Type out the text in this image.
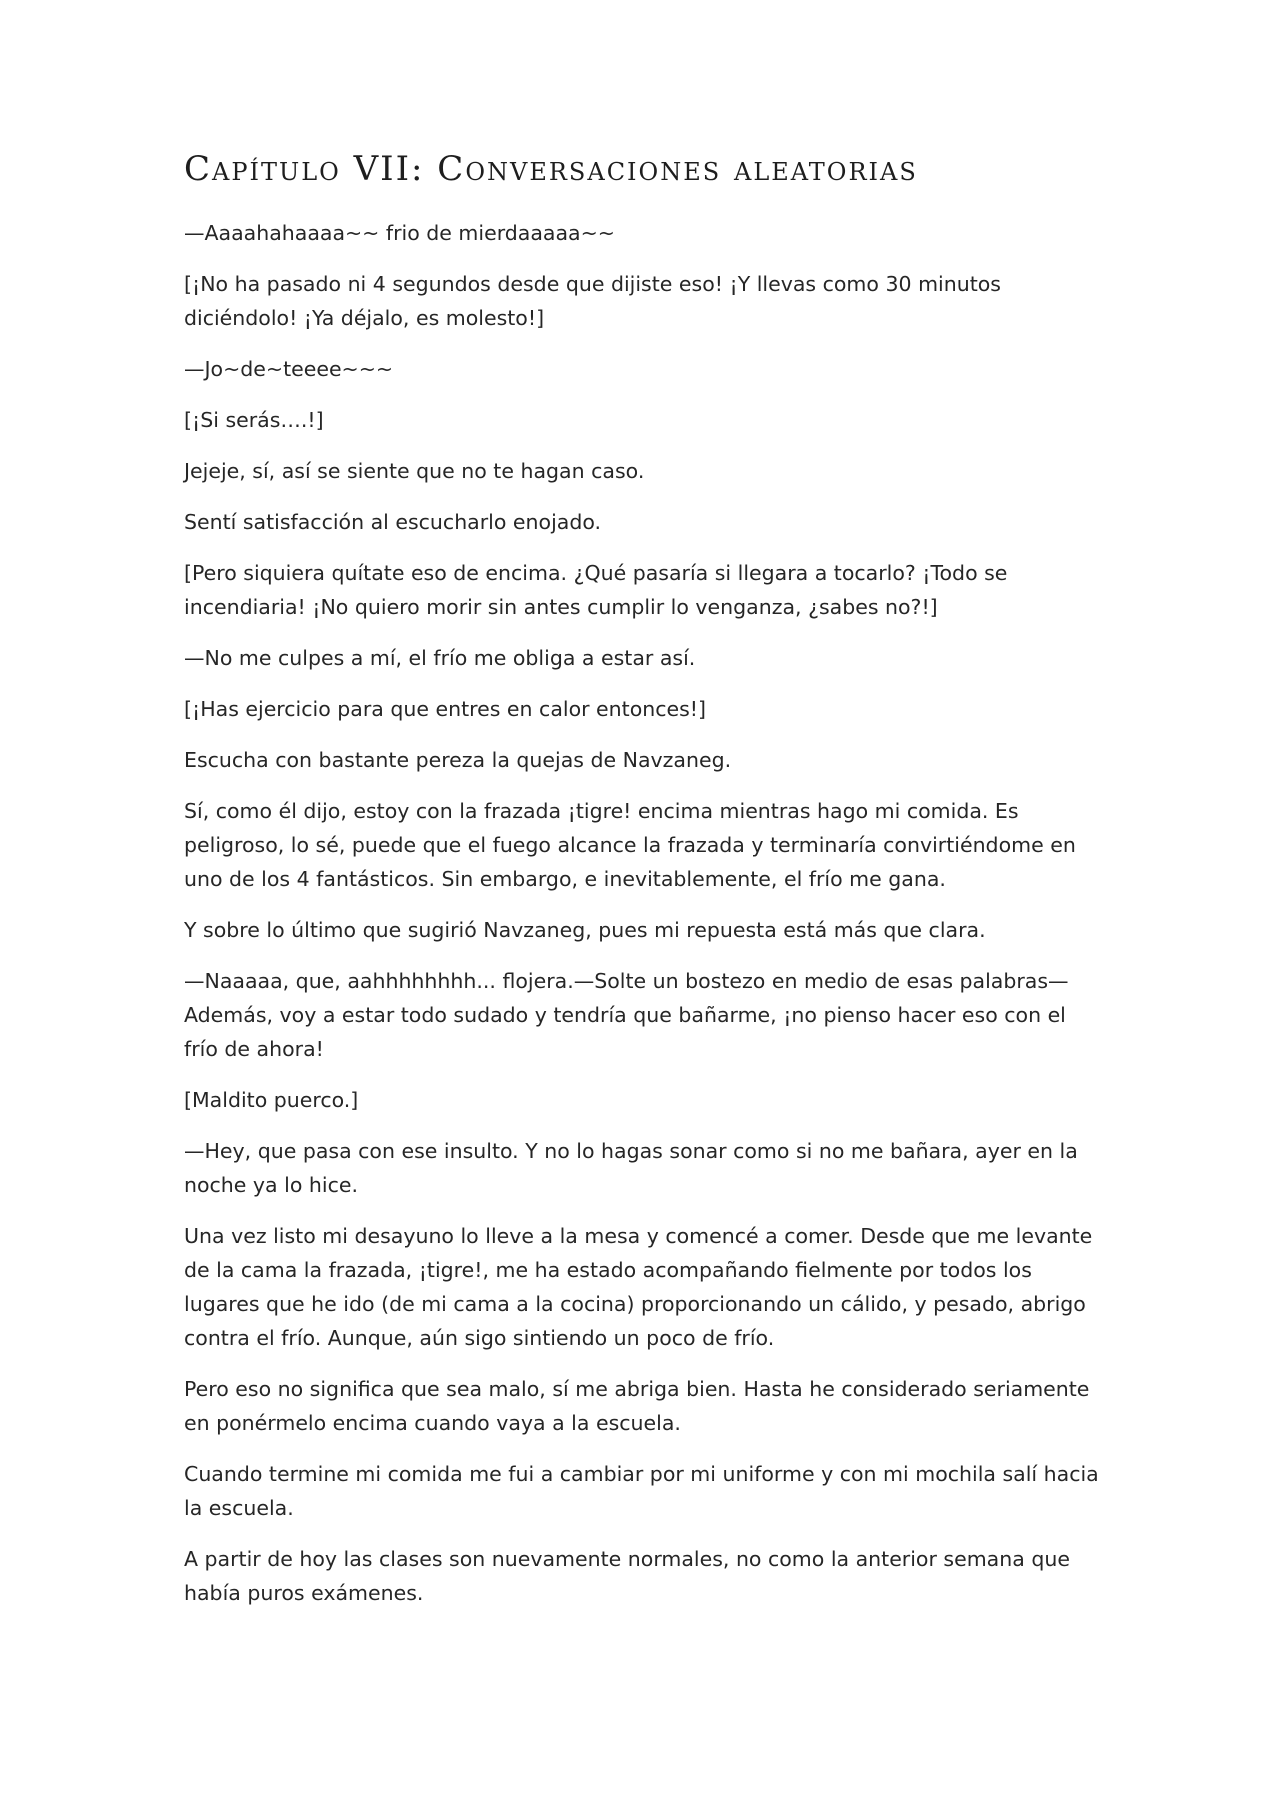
Capítulo VII: Conversaciones aleatorias

—Aaaahahaaaa~~ frio de mierdaaaaa~~

[¡No ha pasado ni 4 segundos desde que dijiste eso! ¡Y llevas como 30 minutos diciéndolo! ¡Ya déjalo, es molesto!]

—Jo~de~teeee~~~

[¡Si serás….!]

Jejeje, sí, así se siente que no te hagan caso.

Sentí satisfacción al escucharlo enojado.

[Pero siquiera quítate eso de encima. ¿Qué pasaría si llegara a tocarlo? ¡Todo se incendiaria! ¡No quiero morir sin antes cumplir lo venganza, ¿sabes no?!]

—No me culpes a mí, el frío me obliga a estar así.

[¡Has ejercicio para que entres en calor entonces!]

Escucha con bastante pereza la quejas de Navzaneg.

Sí, como él dijo, estoy con la frazada ¡tigre! encima mientras hago mi comida. Es peligroso, lo sé, puede que el fuego alcance la frazada y terminaría convirtiéndome en uno de los 4 fantásticos. Sin embargo, e inevitablemente, el frío me gana.

Y sobre lo último que sugirió Navzaneg, pues mi repuesta está más que clara.

—Naaaaa, que, aahhhhhhhh... flojera.—Solte un bostezo en medio de esas palabras—Además, voy a estar todo sudado y tendría que bañarme, ¡no pienso hacer eso con el frío de ahora!

[Maldito puerco.]

—Hey, que pasa con ese insulto. Y no lo hagas sonar como si no me bañara, ayer en la noche ya lo hice.

Una vez listo mi desayuno lo lleve a la mesa y comencé a comer. Desde que me levante de la cama la frazada, ¡tigre!, me ha estado acompañando fielmente por todos los lugares que he ido (de mi cama a la cocina) proporcionando un cálido, y pesado, abrigo contra el frío. Aunque, aún sigo sintiendo un poco de frío.

Pero eso no significa que sea malo, sí me abriga bien. Hasta he considerado seriamente en ponérmelo encima cuando vaya a la escuela.

Cuando termine mi comida me fui a cambiar por mi uniforme y con mi mochila salí hacia la escuela.

A partir de hoy las clases son nuevamente normales, no como la anterior semana que había puros exámenes.
